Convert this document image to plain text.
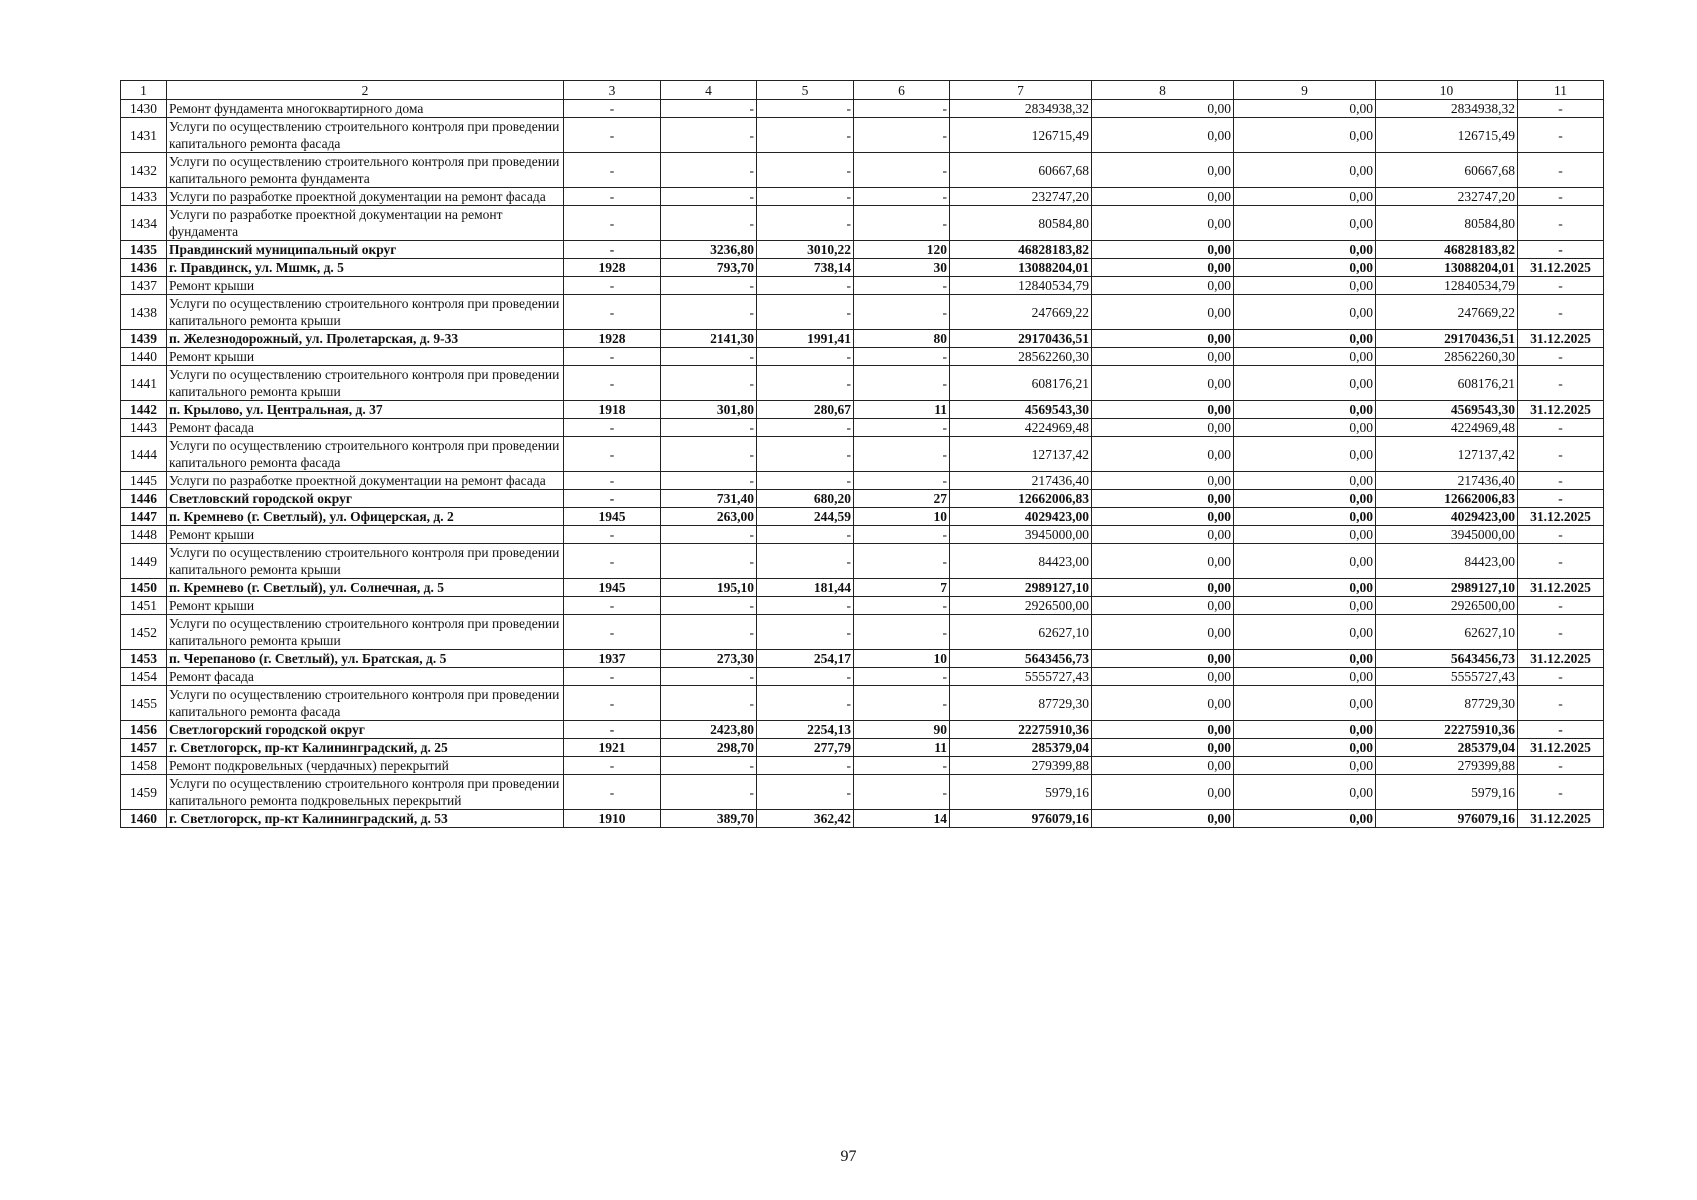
1	2	3	4	5	6	7	8	9	10	11
1430	Ремонт фундамента многоквартирного дома	-	-	-	-	2834938,32	0,00	0,00	2834938,32	-
1431	Услуги по осуществлению строительного контроля при проведении капитального ремонта фасада	-	-	-	-	126715,49	0,00	0,00	126715,49	-
1432	Услуги по осуществлению строительного контроля при проведении капитального ремонта фундамента	-	-	-	-	60667,68	0,00	0,00	60667,68	-
1433	Услуги по разработке проектной документации на ремонт фасада	-	-	-	-	232747,20	0,00	0,00	232747,20	-
1434	Услуги по разработке проектной документации на ремонт фундамента	-	-	-	-	80584,80	0,00	0,00	80584,80	-
1435	Правдинский муниципальный округ	-	3236,80	3010,22	120	46828183,82	0,00	0,00	46828183,82	-
1436	г. Правдинск, ул. Мшмк, д. 5	1928	793,70	738,14	30	13088204,01	0,00	0,00	13088204,01	31.12.2025
1437	Ремонт крыши	-	-	-	-	12840534,79	0,00	0,00	12840534,79	-
1438	Услуги по осуществлению строительного контроля при проведении капитального ремонта крыши	-	-	-	-	247669,22	0,00	0,00	247669,22	-
1439	п. Железнодорожный, ул. Пролетарская, д. 9-33	1928	2141,30	1991,41	80	29170436,51	0,00	0,00	29170436,51	31.12.2025
1440	Ремонт крыши	-	-	-	-	28562260,30	0,00	0,00	28562260,30	-
1441	Услуги по осуществлению строительного контроля при проведении капитального ремонта крыши	-	-	-	-	608176,21	0,00	0,00	608176,21	-
1442	п. Крылово, ул. Центральная, д. 37	1918	301,80	280,67	11	4569543,30	0,00	0,00	4569543,30	31.12.2025
1443	Ремонт фасада	-	-	-	-	4224969,48	0,00	0,00	4224969,48	-
1444	Услуги по осуществлению строительного контроля при проведении капитального ремонта фасада	-	-	-	-	127137,42	0,00	0,00	127137,42	-
1445	Услуги по разработке проектной документации на ремонт фасада	-	-	-	-	217436,40	0,00	0,00	217436,40	-
1446	Светловский городской округ	-	731,40	680,20	27	12662006,83	0,00	0,00	12662006,83	-
1447	п. Кремнево (г. Светлый), ул. Офицерская, д. 2	1945	263,00	244,59	10	4029423,00	0,00	0,00	4029423,00	31.12.2025
1448	Ремонт крыши	-	-	-	-	3945000,00	0,00	0,00	3945000,00	-
1449	Услуги по осуществлению строительного контроля при проведении капитального ремонта крыши	-	-	-	-	84423,00	0,00	0,00	84423,00	-
1450	п. Кремнево (г. Светлый), ул. Солнечная, д. 5	1945	195,10	181,44	7	2989127,10	0,00	0,00	2989127,10	31.12.2025
1451	Ремонт крыши	-	-	-	-	2926500,00	0,00	0,00	2926500,00	-
1452	Услуги по осуществлению строительного контроля при проведении капитального ремонта крыши	-	-	-	-	62627,10	0,00	0,00	62627,10	-
1453	п. Черепаново (г. Светлый), ул. Братская, д. 5	1937	273,30	254,17	10	5643456,73	0,00	0,00	5643456,73	31.12.2025
1454	Ремонт фасада	-	-	-	-	5555727,43	0,00	0,00	5555727,43	-
1455	Услуги по осуществлению строительного контроля при проведении капитального ремонта фасада	-	-	-	-	87729,30	0,00	0,00	87729,30	-
1456	Светлогорский городской округ	-	2423,80	2254,13	90	22275910,36	0,00	0,00	22275910,36	-
1457	г. Светлогорск, пр-кт Калининградский, д. 25	1921	298,70	277,79	11	285379,04	0,00	0,00	285379,04	31.12.2025
1458	Ремонт подкровельных (чердачных) перекрытий	-	-	-	-	279399,88	0,00	0,00	279399,88	-
1459	Услуги по осуществлению строительного контроля при проведении капитального ремонта подкровельных перекрытий	-	-	-	-	5979,16	0,00	0,00	5979,16	-
1460	г. Светлогорск, пр-кт Калининградский, д. 53	1910	389,70	362,42	14	976079,16	0,00	0,00	976079,16	31.12.2025
97
